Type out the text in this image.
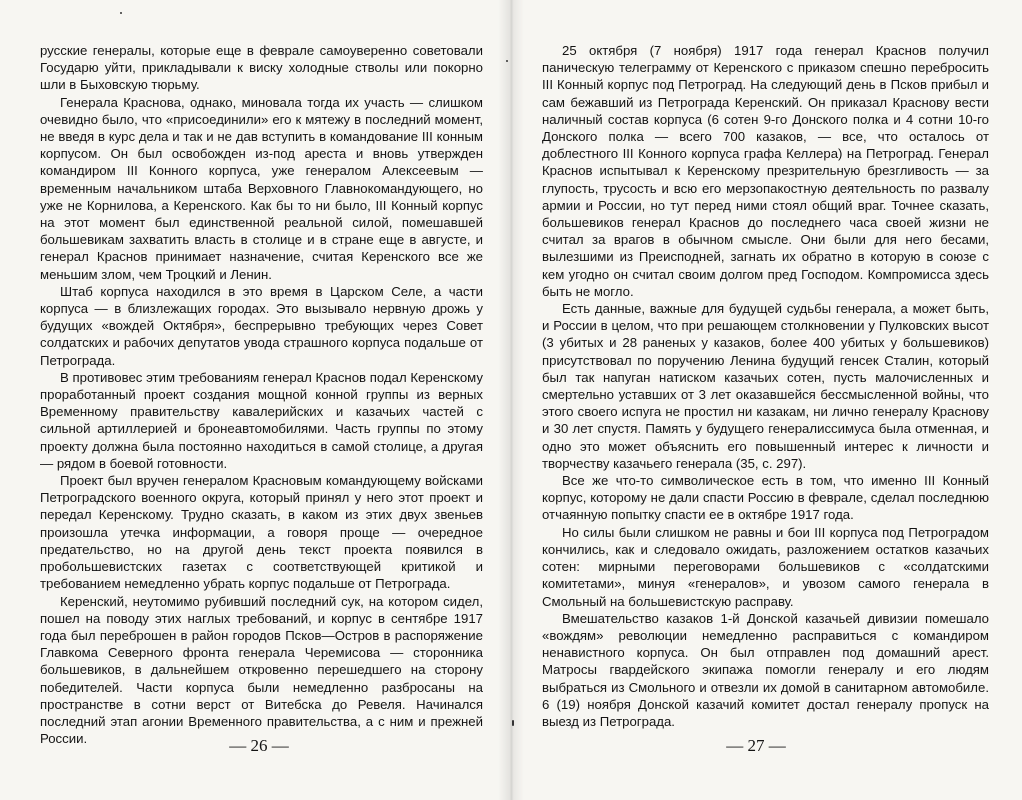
русские генералы, которые еще в феврале самоуверенно советовали Государю уйти, прикладывали к виску холодные стволы или покорно шли в Быховскую тюрьму.

Генерала Краснова, однако, миновала тогда их участь — слишком очевидно было, что «присоединили» его к мятежу в последний момент, не введя в курс дела и так и не дав вступить в командование III конным корпусом. Он был освобожден из-под ареста и вновь утвержден командиром III Конного корпуса, уже генералом Алексеевым — временным начальником штаба Верховного Главнокомандующего, но уже не Корнилова, а Керенского. Как бы то ни было, III Конный корпус на этот момент был единственной реальной силой, помешавшей большевикам захватить власть в столице и в стране еще в августе, и генерал Краснов принимает назначение, считая Керенского все же меньшим злом, чем Троцкий и Ленин.

Штаб корпуса находился в это время в Царском Селе, а части корпуса — в близлежащих городах. Это вызывало нервную дрожь у будущих «вождей Октября», беспрерывно требующих через Совет солдатских и рабочих депутатов увода страшного корпуса подальше от Петрограда.

В противовес этим требованиям генерал Краснов подал Керенскому проработанный проект создания мощной конной группы из верных Временному правительству кавалерийских и казачьих частей с сильной артиллерией и бронеавтомобилями. Часть группы по этому проекту должна была постоянно находиться в самой столице, а другая — рядом в боевой готовности.

Проект был вручен генералом Красновым командующему войсками Петроградского военного округа, который принял у него этот проект и передал Керенскому. Трудно сказать, в каком из этих двух звеньев произошла утечка информации, а говоря проще — очередное предательство, но на другой день текст проекта появился в пробольшевистских газетах с соответствующей критикой и требованием немедленно убрать корпус подальше от Петрограда.

Керенский, неутомимо рубивший последний сук, на котором сидел, пошел на поводу этих наглых требований, и корпус в сентябре 1917 года был переброшен в район городов Псков—Остров в распоряжение Главкома Северного фронта генерала Черемисова — сторонника большевиков, в дальнейшем откровенно перешедшего на сторону победителей. Части корпуса были немедленно разбросаны на пространстве в сотни верст от Витебска до Ревеля. Начинался последний этап агонии Временного правительства, а с ним и прежней России.	— 26 —

25 октября (7 ноября) 1917 года генерал Краснов получил паническую телеграмму от Керенского с приказом спешно перебросить III Конный корпус под Петроград. На следующий день в Псков прибыл и сам бежавший из Петрограда Керенский. Он приказал Краснову вести наличный состав корпуса (6 сотен 9-го Донского полка и 4 сотни 10-го Донского полка — всего 700 казаков, — все, что осталось от доблестного III Конного корпуса графа Келлера) на Петроград. Генерал Краснов испытывал к Керенскому презрительную брезгливость — за глупость, трусость и всю его мерзопакостную деятельность по развалу армии и России, но тут перед ними стоял общий враг. Точнее сказать, большевиков генерал Краснов до последнего часа своей жизни не считал за врагов в обычном смысле. Они были для него бесами, вылезшими из Преисподней, загнать их обратно в которую в союзе с кем угодно он считал своим долгом пред Господом. Компромисса здесь быть не могло.

Есть данные, важные для будущей судьбы генерала, а может быть, и России в целом, что при решающем столкновении у Пулковских высот (3 убитых и 28 раненых у казаков, более 400 убитых у большевиков) присутствовал по поручению Ленина будущий генсек Сталин, который был так напуган натиском казачьих сотен, пусть малочисленных и смертельно уставших от 3 лет оказавшейся бессмысленной войны, что этого своего испуга не простил ни казакам, ни лично генералу Краснову и 30 лет спустя. Память у будущего генералиссимуса была отменная, и одно это может объяснить его повышенный интерес к личности и творчеству казачьего генерала (35, с. 297).

Все же что-то символическое есть в том, что именно III Конный корпус, которому не дали спасти Россию в феврале, сделал последнюю отчаянную попытку спасти ее в октябре 1917 года.

Но силы были слишком не равны и бои III корпуса под Петроградом кончились, как и следовало ожидать, разложением остатков казачьих сотен: мирными переговорами большевиков с «солдатскими комитетами», минуя «генералов», и увозом самого генерала в Смольный на большевистскую расправу.

Вмешательство казаков 1-й Донской казачьей дивизии помешало «вождям» революции немедленно расправиться с командиром ненавистного корпуса. Он был отправлен под домашний арест. Матросы гвардейского экипажа помогли генералу и его людям выбраться из Смольного и отвезли их домой в санитарном автомобиле. 6 (19) ноября Донской казачий комитет достал генералу пропуск на выезд из Петрограда.

— 27 —
